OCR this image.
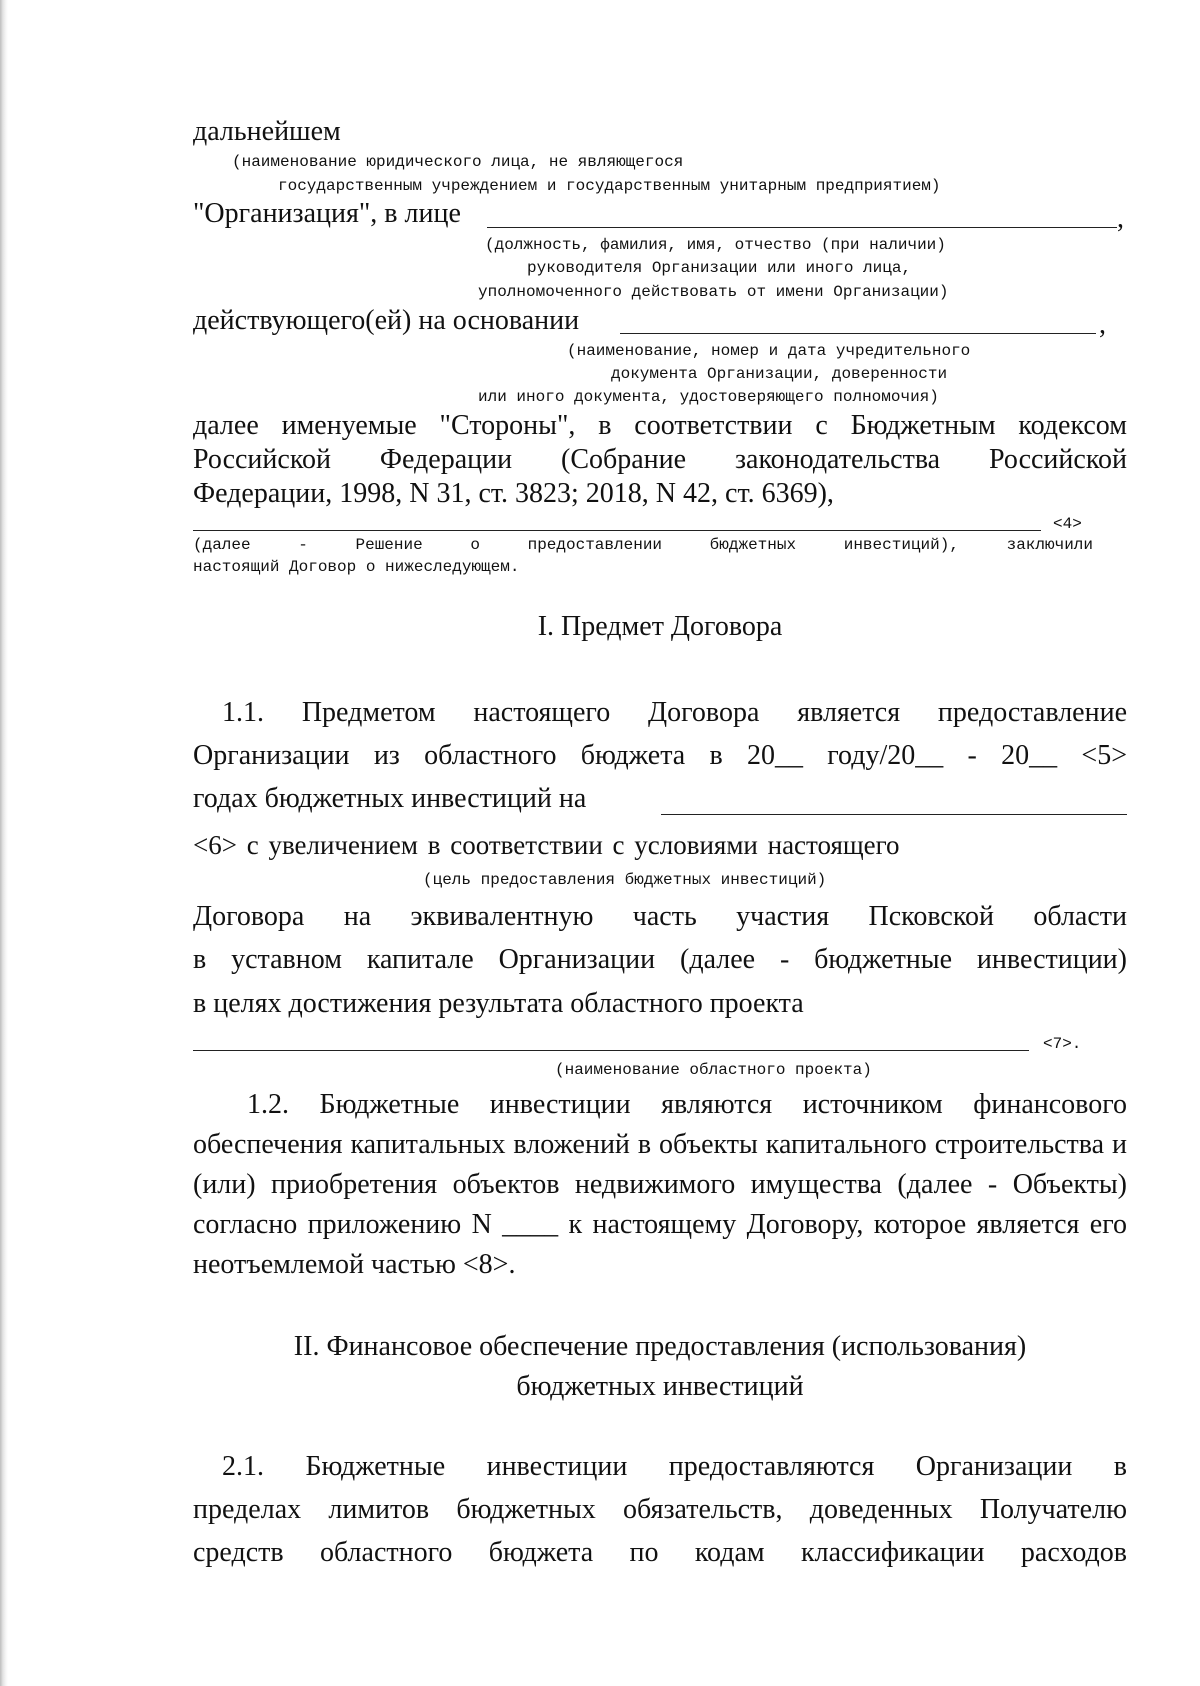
дальнейшем

(наименование юридического лица, не являющегося

государственным учреждением и государственным унитарным предприятием)

"Организация", в лице	,

(должность, фамилия, имя, отчество (при наличии)

руководителя Организации или иного лица,

уполномоченного действовать от имени Организации)

действующего(ей) на основании	,

(наименование, номер и дата учредительного

документа Организации, доверенности

или иного документа, удостоверяющего полномочия)

далее именуемые "Стороны", в соответствии с Бюджетным кодексом

Российской Федерации (Собрание законодательства Российской

Федерации, 1998, N 31, ст. 3823; 2018, N 42, ст. 6369),

<4>

(далее - Решение о предоставлении бюджетных инвестиций), заключили

настоящий Договор о нижеследующем.

I. Предмет Договора

1.1. Предметом настоящего Договора является предоставление

Организации из областного бюджета в 20__ году/20__ - 20__ <5>

годах бюджетных инвестиций на

<6> с увеличением в соответствии с условиями настоящего

(цель предоставления бюджетных инвестиций)

Договора на эквивалентную часть участия Псковской области

в уставном капитале Организации (далее - бюджетные инвестиции)

в целях достижения результата областного проекта

<7>.

(наименование областного проекта)

1.2. Бюджетные инвестиции являются источником финансового

обеспечения капитальных вложений в объекты капитального строительства и

(или) приобретения объектов недвижимого имущества (далее - Объекты)

согласно приложению N ____ к настоящему Договору, которое является его

неотъемлемой частью <8>.

II. Финансовое обеспечение предоставления (использования)

бюджетных инвестиций

2.1. Бюджетные инвестиции предоставляются Организации в

пределах лимитов бюджетных обязательств, доведенных Получателю

средств областного бюджета по кодам классификации расходов
